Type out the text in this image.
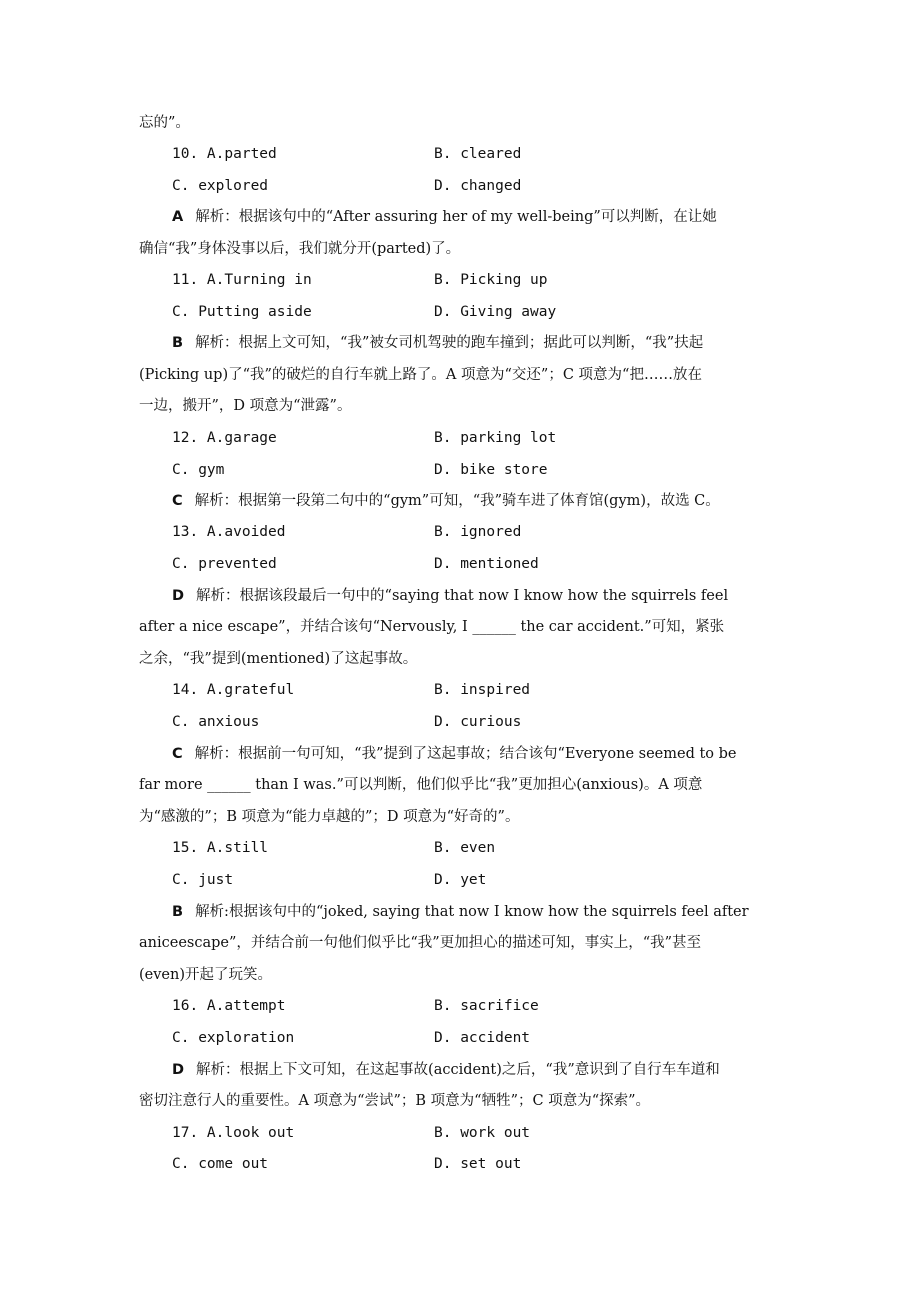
忘的”。
10. A.parted	B. cleared
C. explored	D. changed
A 解析：根据该句中的“After assuring her of my well-being”可以判断，在让她
确信“我”身体没事以后，我们就分开(parted)了。
11. A.Turning in	B. Picking up
C. Putting aside	D. Giving away
B 解析：根据上文可知，“我”被女司机驾驶的跑车撞到；据此可以判断，“我”扶起
(Picking up)了“我”的破烂的自行车就上路了。A 项意为“交还”；C 项意为“把……放在
一边，搬开”，D 项意为“泄露”。
12. A.garage	B. parking lot
C. gym	D. bike store
C 解析：根据第一段第二句中的“gym”可知，“我”骑车进了体育馆(gym)，故选 C。
13. A.avoided	B. ignored
C. prevented	D. mentioned
D 解析：根据该段最后一句中的“saying that now I know how the squirrels feel
after a nice escape”，并结合该句“Nervously, I ______ the car accident.”可知，紧张
之余，“我”提到(mentioned)了这起事故。
14. A.grateful	B. inspired
C. anxious	D. curious
C 解析：根据前一句可知，“我”提到了这起事故；结合该句“Everyone seemed to be
far more ______ than I was.”可以判断，他们似乎比“我”更加担心(anxious)。A 项意
为“感激的”；B 项意为“能力卓越的”；D 项意为“好奇的”。
15. A.still	B. even
C. just	D. yet
B 解析:根据该句中的“joked, saying that now I know how the squirrels feel after
aniceescape”，并结合前一句他们似乎比“我”更加担心的描述可知，事实上，“我”甚至
(even)开起了玩笑。
16. A.attempt	B. sacrifice
C. exploration	D. accident
D 解析：根据上下文可知，在这起事故(accident)之后，“我”意识到了自行车车道和
密切注意行人的重要性。A 项意为“尝试”；B 项意为“牺牲”；C 项意为“探索”。
17. A.look out	B. work out
C. come out	D. set out
